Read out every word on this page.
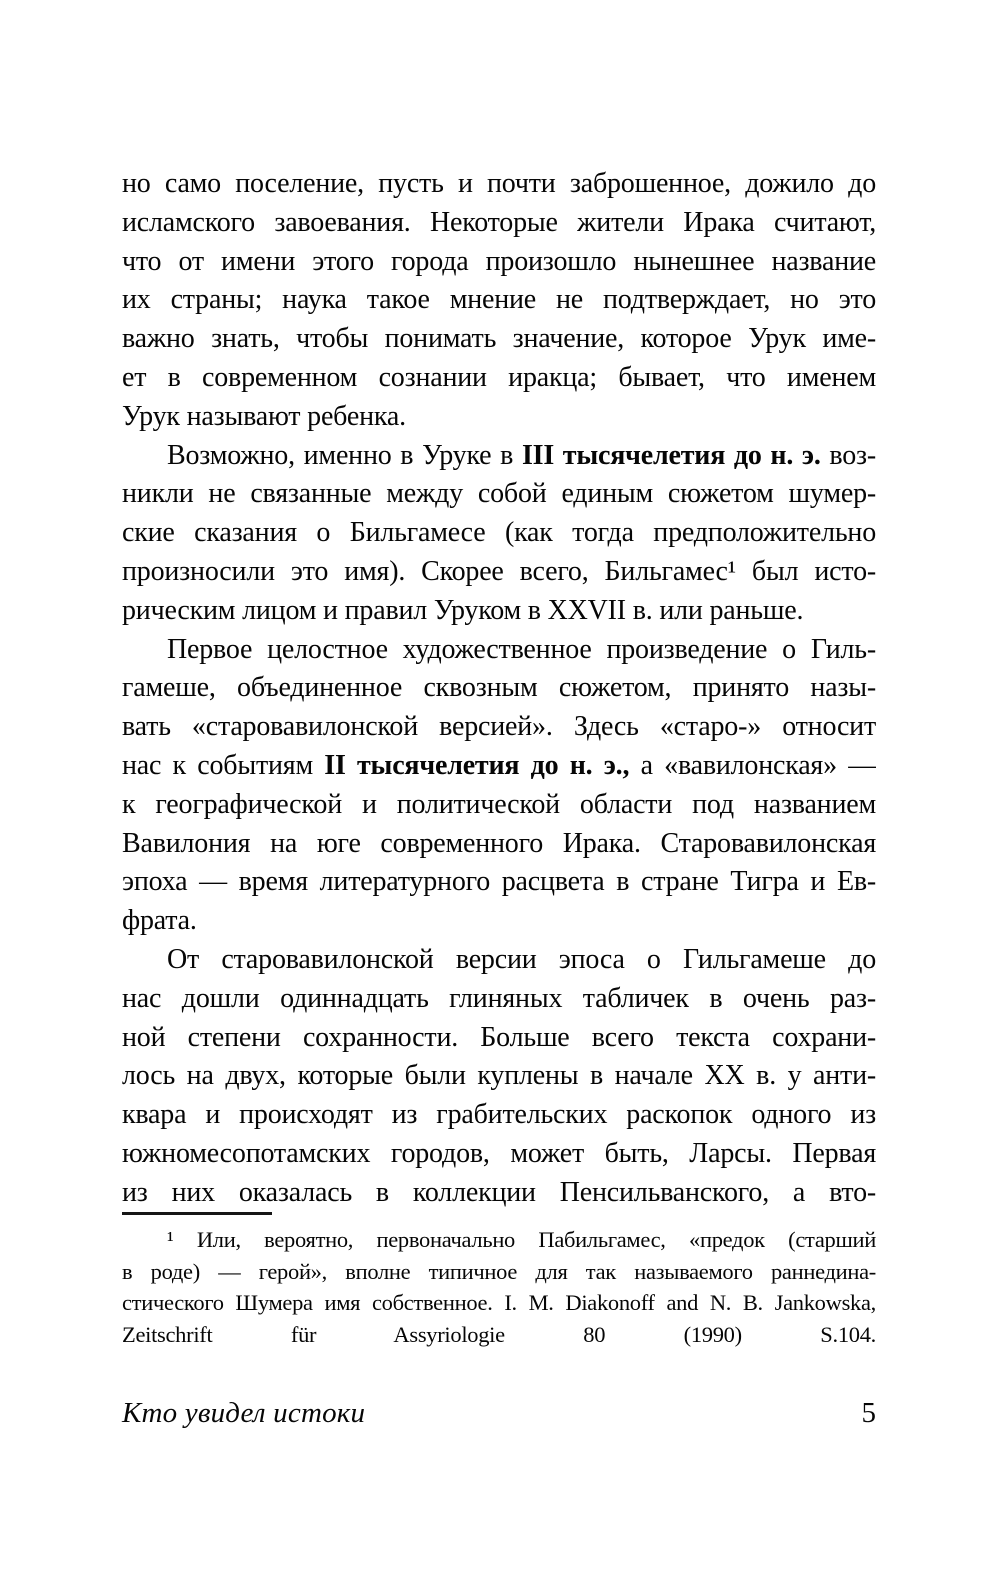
но само поселение, пусть и почти заброшенное, дожило до
исламского завоевания. Некоторые жители Ирака считают,
что от имени этого города произошло нынешнее название
их страны; наука такое мнение не подтверждает, но это
важно знать, чтобы понимать значение, которое Урук име-
ет в современном сознании иракца; бывает, что именем
Урук называют ребенка.
Возможно, именно в Уруке в III тысячелетия до н. э. воз-
никли не связанные между собой единым сюжетом шумер-
ские сказания о Бильгамесе (как тогда предположительно
произносили это имя). Скорее всего, Бильгамес¹ был исто-
рическим лицом и правил Уруком в XXVII в. или раньше.
Первое целостное художественное произведение о Гиль-
гамеше, объединенное сквозным сюжетом, принято назы-
вать «старовавилонской версией». Здесь «старо-» относит
нас к событиям II тысячелетия до н. э., а «вавилонская» —
к географической и политической области под названием
Вавилония на юге современного Ирака. Старовавилонская
эпоха — время литературного расцвета в стране Тигра и Ев-
фрата.
От старовавилонской версии эпоса о Гильгамеше до
нас дошли одиннадцать глиняных табличек в очень раз-
ной степени сохранности. Больше всего текста сохрани-
лось на двух, которые были куплены в начале XX в. у анти-
квара и происходят из грабительских раскопок одного из
южномесопотамских городов, может быть, Ларсы. Первая
из них оказалась в коллекции Пенсильванского, а вто-
¹ Или, вероятно, первоначально Пабильгамес, «предок (старший
в роде) — герой», вполне типичное для так называемого раннедина-
стического Шумера имя собственное. I. M. Diakonoff and N. B. Jankowska,
Zeitschrift für Assyriologie 80 (1990) S.104.
Кто увидел истоки	5
